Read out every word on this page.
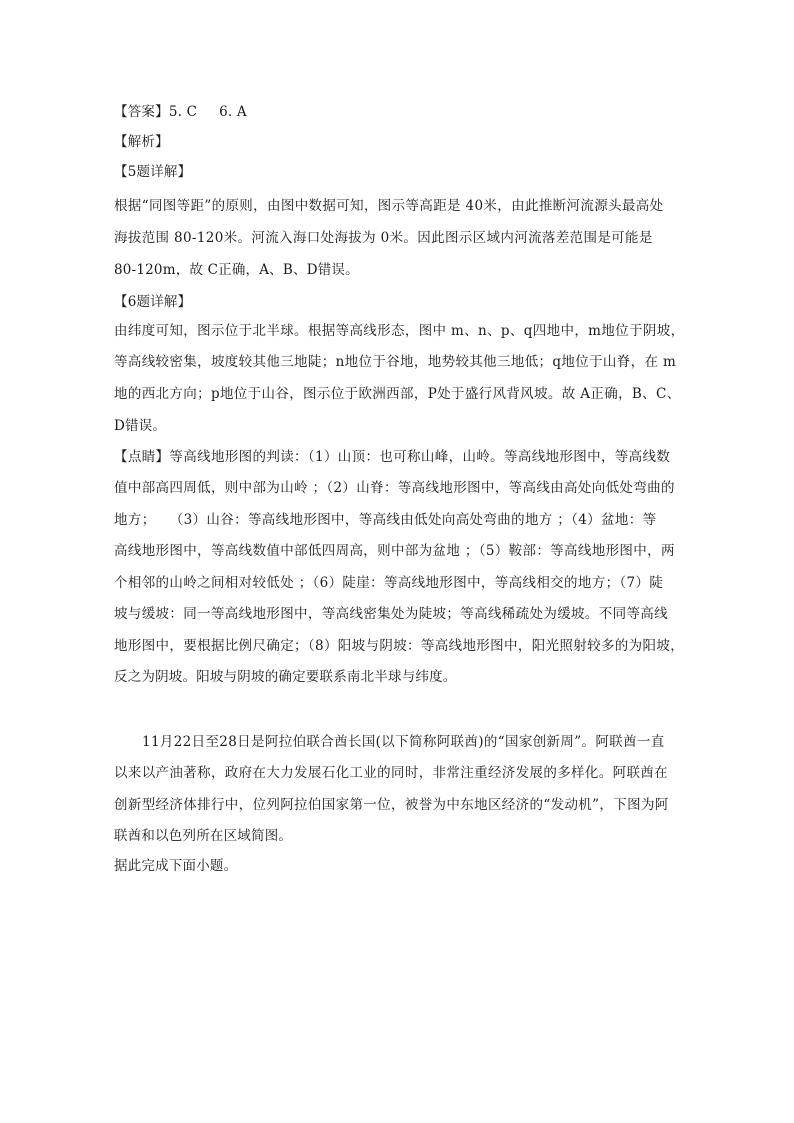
【答案】5. C 6. A
【解析】
【5题详解】
根据“同图等距”的原则，由图中数据可知，图示等高距是 40米，由此推断河流源头最高处
海拔范围 80-120米。河流入海口处海拔为 0米。因此图示区域内河流落差范围是可能是
80-120m，故 C正确，A、B、D错误。
【6题详解】
由纬度可知，图示位于北半球。根据等高线形态，图中 m、n、p、q四地中，m地位于阴坡，
等高线较密集，坡度较其他三地陡；n地位于谷地，地势较其他三地低；q地位于山脊，在 m
地的西北方向；p地位于山谷，图示位于欧洲西部，P处于盛行风背风坡。故 A正确，B、C、
D错误。
【点睛】等高线地形图的判读：（1）山顶：也可称山峰，山岭。等高线地形图中，等高线数
值中部高四周低，则中部为山岭 ；（2）山脊：等高线地形图中，等高线由高处向低处弯曲的
地方；　　（3）山谷：等高线地形图中，等高线由低处向高处弯曲的地方 ；（4）盆地：等
高线地形图中，等高线数值中部低四周高，则中部为盆地 ；（5）鞍部：等高线地形图中，两
个相邻的山岭之间相对较低处 ；（6）陡崖：等高线地形图中，等高线相交的地方；（7）陡
坡与缓坡：同一等高线地形图中，等高线密集处为陡坡；等高线稀疏处为缓坡。不同等高线
地形图中，要根据比例尺确定；（8）阳坡与阴坡：等高线地形图中，阳光照射较多的为阳坡，
反之为阴坡。阳坡与阴坡的确定要联系南北半球与纬度。
11月22日至28日是阿拉伯联合酋长国(以下简称阿联酋)的“国家创新周”。阿联酋一直
以来以产油著称，政府在大力发展石化工业的同时，非常注重经济发展的多样化。阿联酋在
创新型经济体排行中，位列阿拉伯国家第一位，被誉为中东地区经济的“发动机”，下图为阿
联酋和以色列所在区域简图。
据此完成下面小题。
